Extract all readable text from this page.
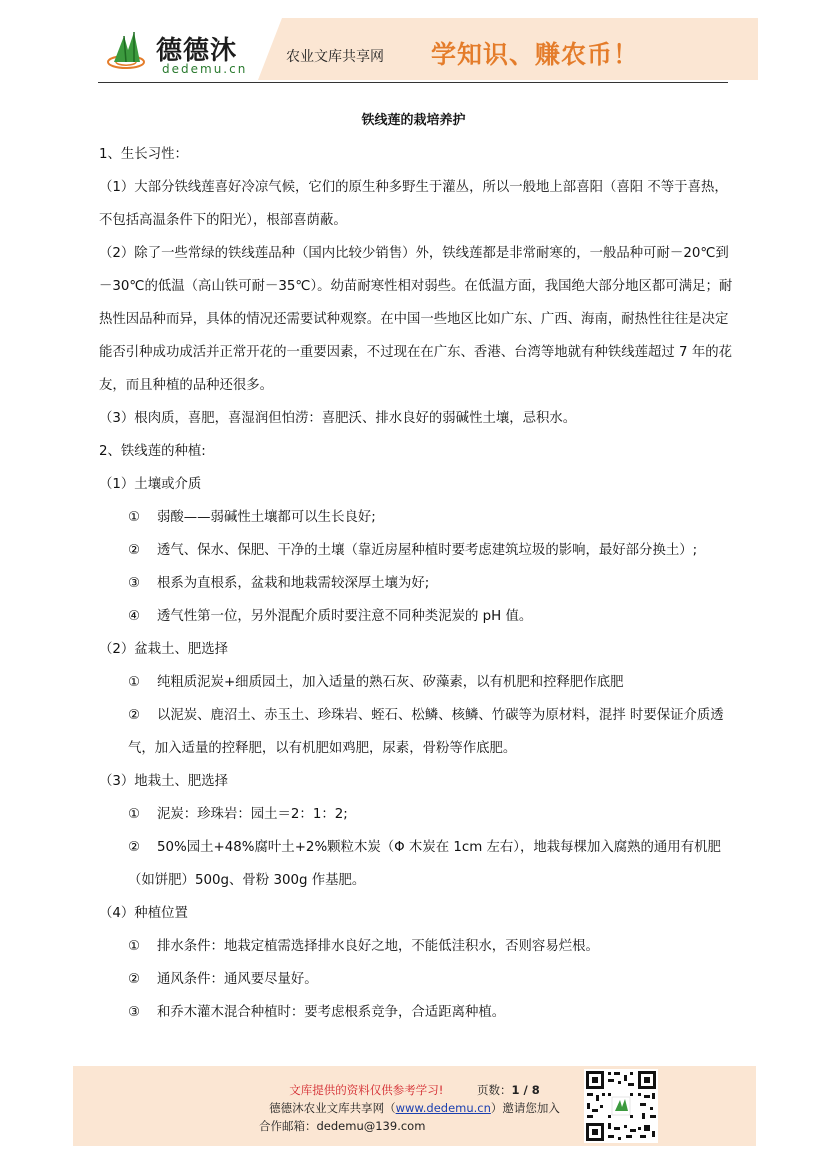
德德沐
dedemu.cn
农业文库共享网 学知识、赚农币！
铁线莲的栽培养护

1、生长习性：

（1）大部分铁线莲喜好冷凉气候，它们的原生种多野生于灌丛，所以一般地上部喜阳（喜阳 不等于喜热，不包括高温条件下的阳光），根部喜荫蔽。

（2）除了一些常绿的铁线莲品种（国内比较少销售）外，铁线莲都是非常耐寒的，一般品种可耐－20℃到－30℃的低温（高山铁可耐－35℃）。幼苗耐寒性相对弱些。在低温方面，我国绝大部分地区都可满足；耐热性因品种而异，具体的情况还需要试种观察。在中国一些地区比如广东、广西、海南，耐热性往往是决定能否引种成功成活并正常开花的一重要因素，不过现在在广东、香港、台湾等地就有种铁线莲超过 7 年的花友，而且种植的品种还很多。

（3）根肉质，喜肥，喜湿润但怕涝：喜肥沃、排水良好的弱碱性土壤，忌积水。

2、铁线莲的种植:

（1）土壤或介质

① 弱酸——弱碱性土壤都可以生长良好;

② 透气、保水、保肥、干净的土壤（靠近房屋种植时要考虑建筑垃圾的影响，最好部分换土）;

③ 根系为直根系，盆栽和地栽需较深厚土壤为好;

④ 透气性第一位，另外混配介质时要注意不同种类泥炭的 pH 值。

（2）盆栽土、肥选择

① 纯粗质泥炭+细质园土，加入适量的熟石灰、矽藻素，以有机肥和控释肥作底肥

② 以泥炭、鹿沼土、赤玉土、珍珠岩、蛭石、松鳞、核鳞、竹碳等为原材料，混拌 时要保证介质透气，加入适量的控释肥，以有机肥如鸡肥，尿素，骨粉等作底肥。

（3）地栽土、肥选择

① 泥炭：珍珠岩：园土＝2：1：2;

② 50%园土+48%腐叶土+2%颗粒木炭（Φ 木炭在 1cm 左右），地栽每棵加入腐熟的通用有机肥（如饼肥）500g、骨粉 300g 作基肥。

（4）种植位置

① 排水条件：地栽定植需选择排水良好之地，不能低洼积水，否则容易烂根。

② 通风条件：通风要尽量好。

③ 和乔木灌木混合种植时：要考虑根系竞争，合适距离种植。

文库提供的资料仅供参考学习!	页数：1 / 8
德德沐农业文库共享网（www.dedemu.cn）邀请您加入
合作邮箱：dedemu@139.com
